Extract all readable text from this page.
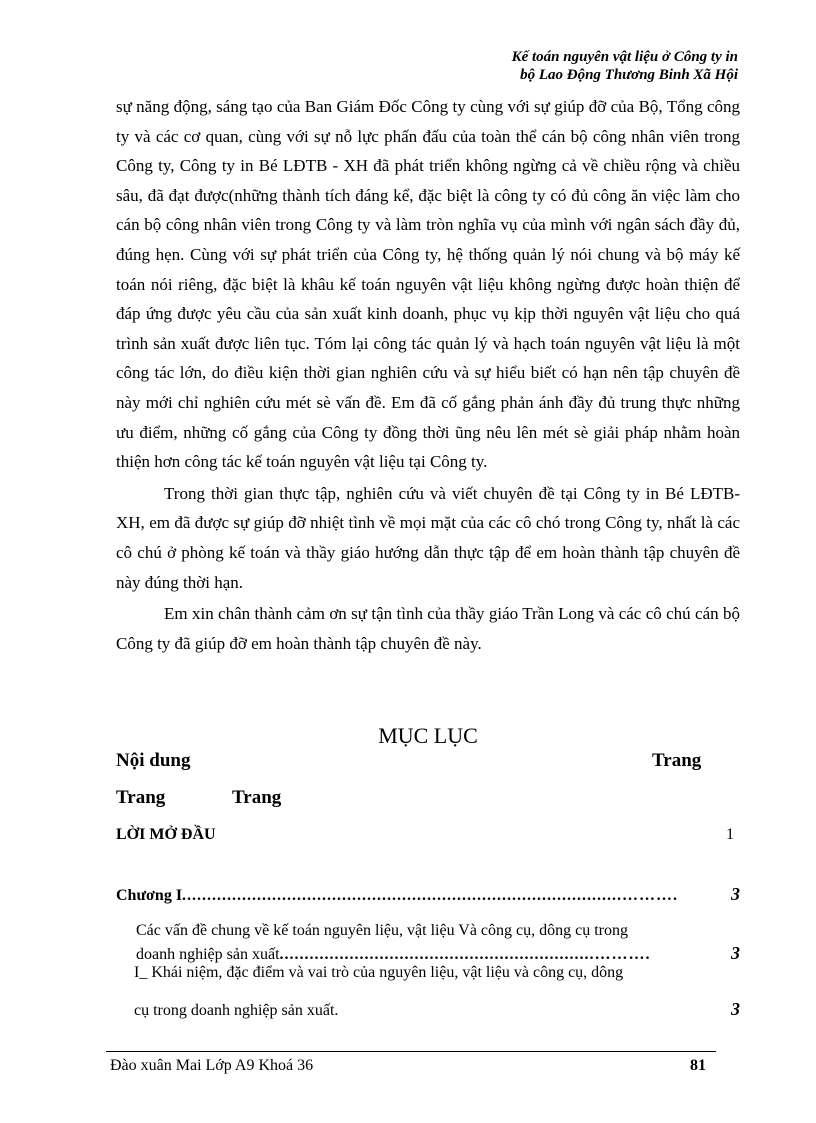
Kế toán nguyên vật liệu ở Công ty in
bộ Lao Động Thương Binh Xã Hội

sự năng động, sáng tạo của Ban Giám Đốc Công ty cùng với sự giúp đỡ của Bộ, Tổng công ty và các cơ quan, cùng với sự nỗ lực phấn đấu của toàn thể cán bộ công nhân viên trong Công ty, Công ty in Bé LĐTB - XH đã phát triển không ngừng cả về chiều rộng và chiều sâu, đã đạt được(những thành tích đáng kể, đặc biệt là công ty có đủ công ăn việc làm cho cán bộ công nhân viên trong Công ty và làm tròn nghĩa vụ của mình với ngân sách đầy đủ, đúng hẹn. Cùng với sự phát triển của Công ty, hệ thống quản lý nói chung và bộ máy kế toán nói riêng, đặc biệt là khâu kế toán nguyên vật liệu không ngừng được hoàn thiện để đáp ứng được yêu cầu của sản xuất kinh doanh, phục vụ kịp thời nguyên vật liệu cho quá trình sản xuất được liên tục. Tóm lại công tác quản lý và hạch toán nguyên vật liệu là một công tác lớn, do điều kiện thời gian nghiên cứu và sự hiểu biết có hạn nên tập chuyên đề này mới chỉ nghiên cứu mét sè vấn đề. Em đã cố gắng phản ánh đầy đủ trung thực những ưu điểm, những cố gắng của Công ty đồng thời ũng nêu lên mét sè giải pháp nhằm hoàn thiện hơn công tác kế toán nguyên vật liệu tại Công ty.

Trong thời gian thực tập, nghiên cứu và viết chuyên đề tại Công ty in Bé LĐTB-XH, em đã được sự giúp đỡ nhiệt tình về mọi mặt của các cô chó trong Công ty, nhất là các cô chú ở phòng kế toán và thầy giáo hướng dẫn thực tập để em hoàn thành tập chuyên đề này đúng thời hạn.

Em xin chân thành cảm ơn sự tận tình của thầy giáo Trần Long và các cô chú cán bộ Công ty đã giúp đỡ em hoàn thành tập chuyên đề này.

MỤC LỤC
Nội dung	Trang
Trang	Trang
LỜI MỞ ĐẦU	1
Chương I ........................................................................................……….	3
Các vấn đề chung về kế toán nguyên liệu, vật liệu Và công cụ, dông cụ trong
doanh nghiệp sản xuất ...............................................................……….	3
I_ Khái niệm, đặc điểm và vai trò của nguyên liệu, vật liệu và công cụ, dông
cụ trong doanh nghiệp sản xuất.	3
Đào xuân Mai Lớp A9 Khoá 36	81
